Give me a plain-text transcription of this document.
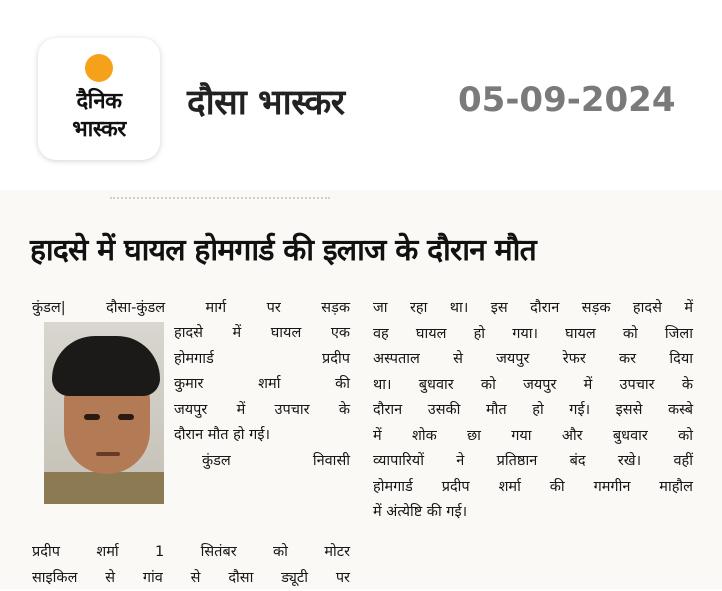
दैनिक
भास्कर
दौसा भास्कर	05-09-2024
हादसे में घायल होमगार्ड की इलाज के दौरान मौत
कुंडल| दौसा-कुंडल मार्ग पर सड़क
हादसे में घायल एक
होमगार्ड प्रदीप
कुमार शर्मा की
जयपुर में उपचार के
दौरान मौत हो गई।
कुंडल निवासी
प्रदीप शर्मा 1 सितंबर को मोटर
साइकिल से गांव से दौसा ड्यूटी पर
जा रहा था। इस दौरान सड़क हादसे में
वह घायल हो गया। घायल को जिला
अस्पताल से जयपुर रेफर कर दिया
था। बुधवार को जयपुर में उपचार के
दौरान उसकी मौत हो गई। इससे कस्बे
में शोक छा गया और बुधवार को
व्यापारियों ने प्रतिष्ठान बंद रखे। वहीं
होमगार्ड प्रदीप शर्मा की गमगीन माहौल
में अंत्येष्टि की गई।
